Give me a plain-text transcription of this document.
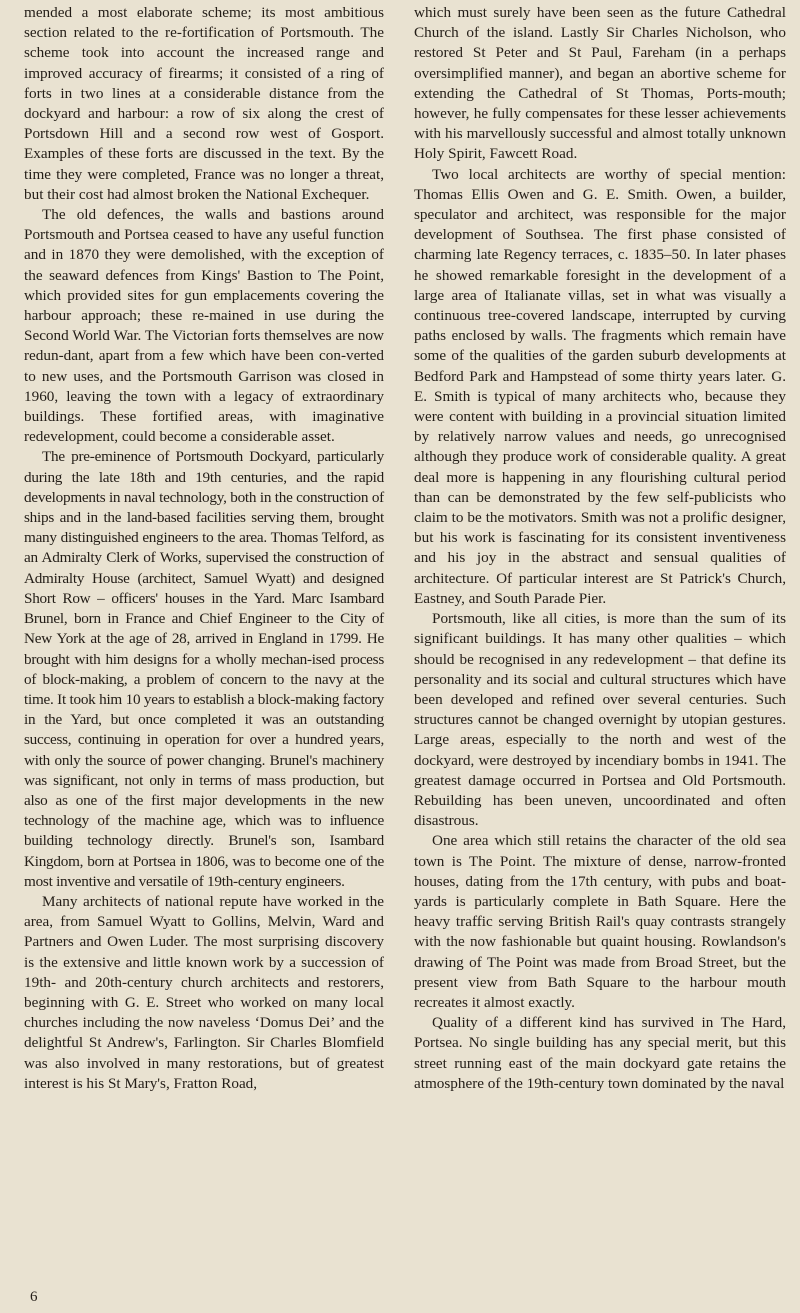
mended a most elaborate scheme; its most ambitious section related to the re-fortification of Portsmouth. The scheme took into account the increased range and improved accuracy of firearms; it consisted of a ring of forts in two lines at a considerable distance from the dockyard and harbour: a row of six along the crest of Portsdown Hill and a second row west of Gosport. Examples of these forts are discussed in the text. By the time they were completed, France was no longer a threat, but their cost had almost broken the National Exchequer.

The old defences, the walls and bastions around Portsmouth and Portsea ceased to have any useful function and in 1870 they were demolished, with the exception of the seaward defences from Kings' Bastion to The Point, which provided sites for gun emplacements covering the harbour approach; these re-mained in use during the Second World War. The Victorian forts themselves are now redun-dant, apart from a few which have been con-verted to new uses, and the Portsmouth Garrison was closed in 1960, leaving the town with a legacy of extraordinary buildings. These fortified areas, with imaginative redevelopment, could become a considerable asset.

The pre-eminence of Portsmouth Dockyard, particularly during the late 18th and 19th centuries, and the rapid developments in naval technology, both in the construction of ships and in the land-based facilities serving them, brought many distinguished engineers to the area. Thomas Telford, as an Admiralty Clerk of Works, supervised the construction of Admiralty House (architect, Samuel Wyatt) and designed Short Row – officers' houses in the Yard. Marc Isambard Brunel, born in France and Chief Engineer to the City of New York at the age of 28, arrived in England in 1799. He brought with him designs for a wholly mechan-ised process of block-making, a problem of concern to the navy at the time. It took him 10 years to establish a block-making factory in the Yard, but once completed it was an outstanding success, continuing in operation for over a hundred years, with only the source of power changing. Brunel's machinery was significant, not only in terms of mass production, but also as one of the first major developments in the new technology of the machine age, which was to influence building technology directly. Brunel's son, Isambard Kingdom, born at Portsea in 1806, was to become one of the most inventive and versatile of 19th-century engineers.

Many architects of national repute have worked in the area, from Samuel Wyatt to Gollins, Melvin, Ward and Partners and Owen Luder. The most surprising discovery is the extensive and little known work by a succession of 19th- and 20th-century church architects and restorers, beginning with G. E. Street who worked on many local churches including the now naveless ‘Domus Dei’ and the delightful St Andrew's, Farlington. Sir Charles Blomfield was also involved in many restorations, but of greatest interest is his St Mary's, Fratton Road,

which must surely have been seen as the future Cathedral Church of the island. Lastly Sir Charles Nicholson, who restored St Peter and St Paul, Fareham (in a perhaps oversimplified manner), and began an abortive scheme for extending the Cathedral of St Thomas, Ports-mouth; however, he fully compensates for these lesser achievements with his marvellously successful and almost totally unknown Holy Spirit, Fawcett Road.

Two local architects are worthy of special mention: Thomas Ellis Owen and G. E. Smith. Owen, a builder, speculator and architect, was responsible for the major development of Southsea. The first phase consisted of charming late Regency terraces, c. 1835–50. In later phases he showed remarkable foresight in the development of a large area of Italianate villas, set in what was visually a continuous tree-covered landscape, interrupted by curving paths enclosed by walls. The fragments which remain have some of the qualities of the garden suburb developments at Bedford Park and Hampstead of some thirty years later. G. E. Smith is typical of many architects who, because they were content with building in a provincial situation limited by relatively narrow values and needs, go unrecognised although they produce work of considerable quality. A great deal more is happening in any flourishing cultural period than can be demonstrated by the few self-publicists who claim to be the motivators. Smith was not a prolific designer, but his work is fascinating for its consistent inventiveness and his joy in the abstract and sensual qualities of architecture. Of particular interest are St Patrick's Church, Eastney, and South Parade Pier.

Portsmouth, like all cities, is more than the sum of its significant buildings. It has many other qualities – which should be recognised in any redevelopment – that define its personality and its social and cultural structures which have been developed and refined over several centuries. Such structures cannot be changed overnight by utopian gestures. Large areas, especially to the north and west of the dockyard, were destroyed by incendiary bombs in 1941. The greatest damage occurred in Portsea and Old Portsmouth. Rebuilding has been uneven, uncoordinated and often disastrous.

One area which still retains the character of the old sea town is The Point. The mixture of dense, narrow-fronted houses, dating from the 17th century, with pubs and boat-yards is particularly complete in Bath Square. Here the heavy traffic serving British Rail's quay contrasts strangely with the now fashionable but quaint housing. Rowlandson's drawing of The Point was made from Broad Street, but the present view from Bath Square to the harbour mouth recreates it almost exactly.

Quality of a different kind has survived in The Hard, Portsea. No single building has any special merit, but this street running east of the main dockyard gate retains the atmosphere of the 19th-century town dominated by the naval

6
